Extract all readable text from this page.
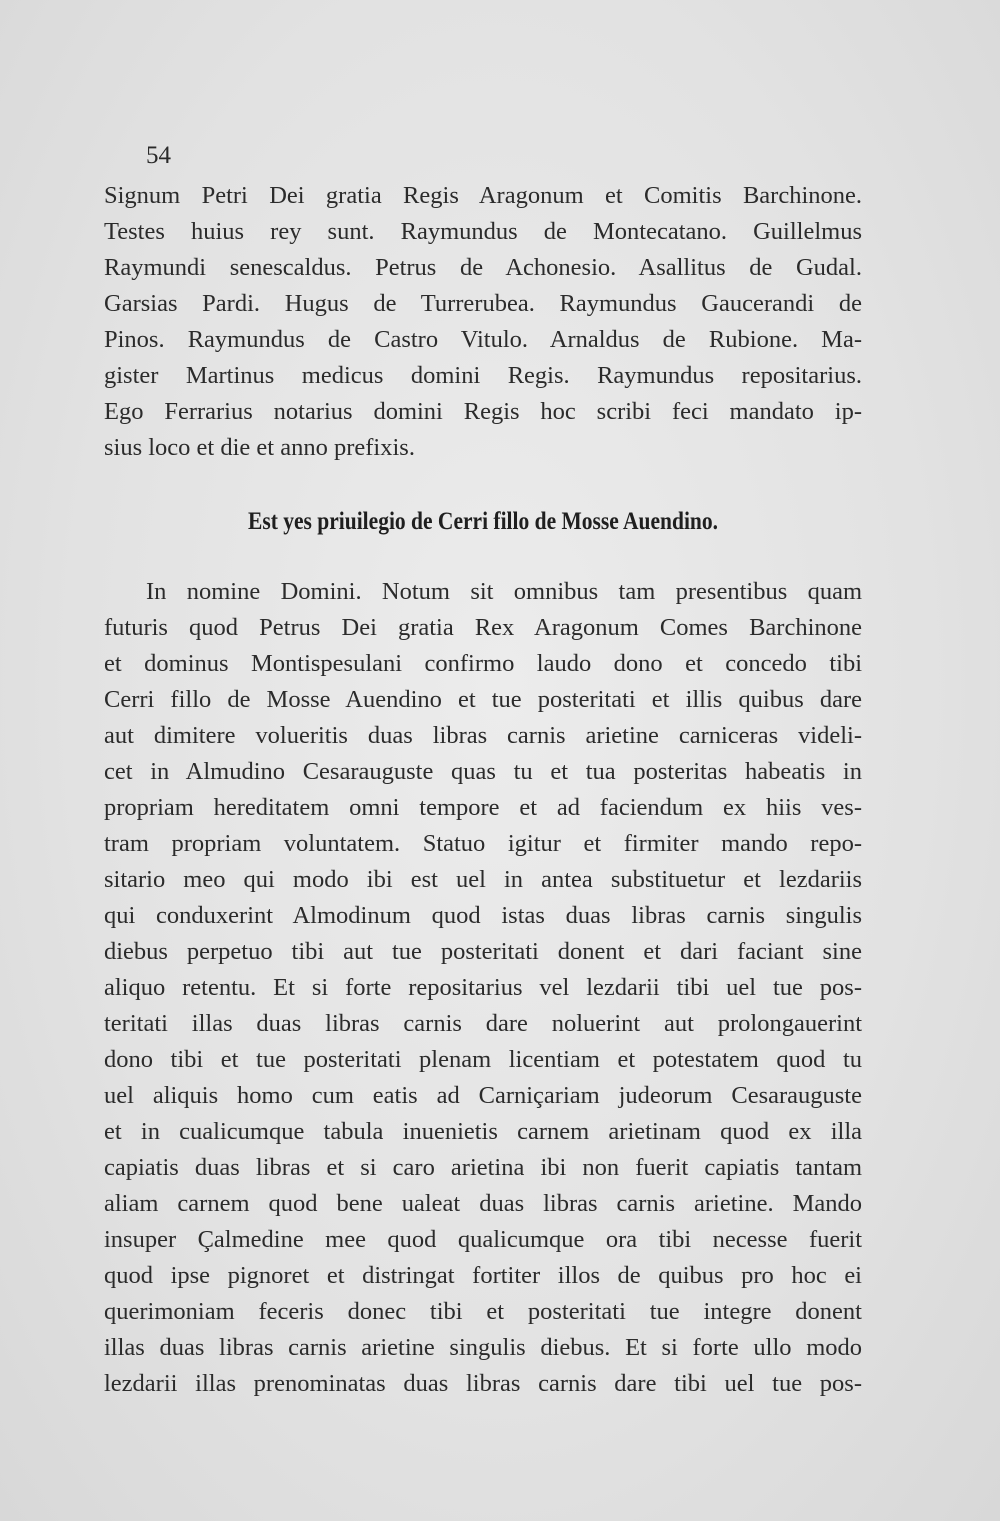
54
Signum Petri Dei gratia Regis Aragonum et Comitis Barchinone.
Testes huius rey sunt. Raymundus de Montecatano. Guillelmus
Raymundi senescaldus. Petrus de Achonesio. Asallitus de Gudal.
Garsias Pardi. Hugus de Turrerubea. Raymundus Gaucerandi de
Pinos. Raymundus de Castro Vitulo. Arnaldus de Rubione. Ma-
gister Martinus medicus domini Regis. Raymundus repositarius.
Ego Ferrarius notarius domini Regis hoc scribi feci mandato ip-
sius loco et die et anno prefixis.
Est yes priuilegio de Cerri fillo de Mosse Auendino.
In nomine Domini. Notum sit omnibus tam presentibus quam
futuris quod Petrus Dei gratia Rex Aragonum Comes Barchinone
et dominus Montispesulani confirmo laudo dono et concedo tibi
Cerri fillo de Mosse Auendino et tue posteritati et illis quibus dare
aut dimitere volueritis duas libras carnis arietine carniceras videli-
cet in Almudino Cesarauguste quas tu et tua posteritas habeatis in
propriam hereditatem omni tempore et ad faciendum ex hiis ves-
tram propriam voluntatem. Statuo igitur et firmiter mando repo-
sitario meo qui modo ibi est uel in antea substituetur et lezdariis
qui conduxerint Almodinum quod istas duas libras carnis singulis
diebus perpetuo tibi aut tue posteritati donent et dari faciant sine
aliquo retentu. Et si forte repositarius vel lezdarii tibi uel tue pos-
teritati illas duas libras carnis dare noluerint aut prolongauerint
dono tibi et tue posteritati plenam licentiam et potestatem quod tu
uel aliquis homo cum eatis ad Carniçariam judeorum Cesarauguste
et in cualicumque tabula inuenietis carnem arietinam quod ex illa
capiatis duas libras et si caro arietina ibi non fuerit capiatis tantam
aliam carnem quod bene ualeat duas libras carnis arietine. Mando
insuper Çalmedine mee quod qualicumque ora tibi necesse fuerit
quod ipse pignoret et distringat fortiter illos de quibus pro hoc ei
querimoniam feceris donec tibi et posteritati tue integre donent
illas duas libras carnis arietine singulis diebus. Et si forte ullo modo
lezdarii illas prenominatas duas libras carnis dare tibi uel tue pos-
